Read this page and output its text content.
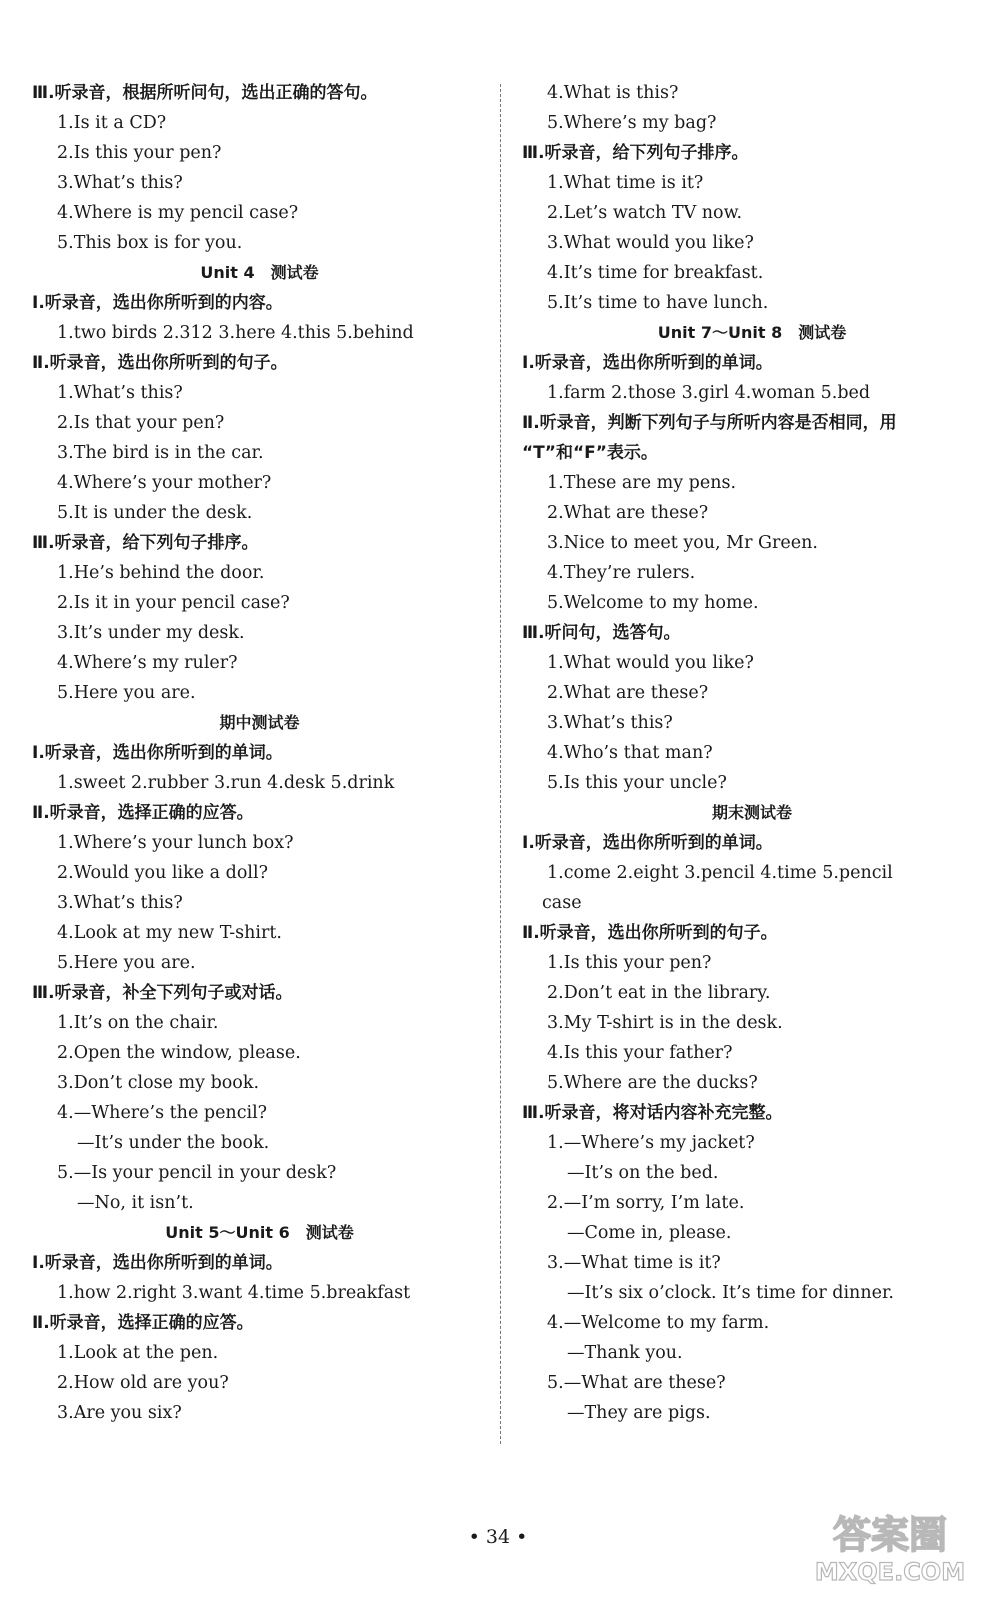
Ⅲ.听录音，根据所听问句，选出正确的答句。
1.Is it a CD?
2.Is this your pen?
3.What’s this?
4.Where is my pencil case?
5.This box is for you.
Unit 4　测试卷
Ⅰ.听录音，选出你所听到的内容。
1.two birds 2.312 3.here 4.this 5.behind
Ⅱ.听录音，选出你所听到的句子。
1.What’s this?
2.Is that your pen?
3.The bird is in the car.
4.Where’s your mother?
5.It is under the desk.
Ⅲ.听录音，给下列句子排序。
1.He’s behind the door.
2.Is it in your pencil case?
3.It’s under my desk.
4.Where’s my ruler?
5.Here you are.
期中测试卷
Ⅰ.听录音，选出你所听到的单词。
1.sweet 2.rubber 3.run 4.desk 5.drink
Ⅱ.听录音，选择正确的应答。
1.Where’s your lunch box?
2.Would you like a doll?
3.What’s this?
4.Look at my new T-shirt.
5.Here you are.
Ⅲ.听录音，补全下列句子或对话。
1.It’s on the chair.
2.Open the window, please.
3.Don’t close my book.
4.—Where’s the pencil?
—It’s under the book.
5.—Is your pencil in your desk?
—No, it isn’t.
Unit 5～Unit 6　测试卷
Ⅰ.听录音，选出你所听到的单词。
1.how 2.right 3.want 4.time 5.breakfast
Ⅱ.听录音，选择正确的应答。
1.Look at the pen.
2.How old are you?
3.Are you six?
4.What is this?
5.Where’s my bag?
Ⅲ.听录音，给下列句子排序。
1.What time is it?
2.Let’s watch TV now.
3.What would you like?
4.It’s time for breakfast.
5.It’s time to have lunch.
Unit 7～Unit 8　测试卷
Ⅰ.听录音，选出你所听到的单词。
1.farm 2.those 3.girl 4.woman 5.bed
Ⅱ.听录音，判断下列句子与所听内容是否相同，用
“T”和“F”表示。
1.These are my pens.
2.What are these?
3.Nice to meet you, Mr Green.
4.They’re rulers.
5.Welcome to my home.
Ⅲ.听问句，选答句。
1.What would you like?
2.What are these?
3.What’s this?
4.Who’s that man?
5.Is this your uncle?
期末测试卷
Ⅰ.听录音，选出你所听到的单词。
1.come 2.eight 3.pencil 4.time 5.pencil
case
Ⅱ.听录音，选出你所听到的句子。
1.Is this your pen?
2.Don’t eat in the library.
3.My T-shirt is in the desk.
4.Is this your father?
5.Where are the ducks?
Ⅲ.听录音，将对话内容补充完整。
1.—Where’s my jacket?
—It’s on the bed.
2.—I’m sorry, I’m late.
—Come in, please.
3.—What time is it?
—It’s six o’clock. It’s time for dinner.
4.—Welcome to my farm.
—Thank you.
5.—What are these?
—They are pigs.
• 34 •	答案圈
MXQE.COM
